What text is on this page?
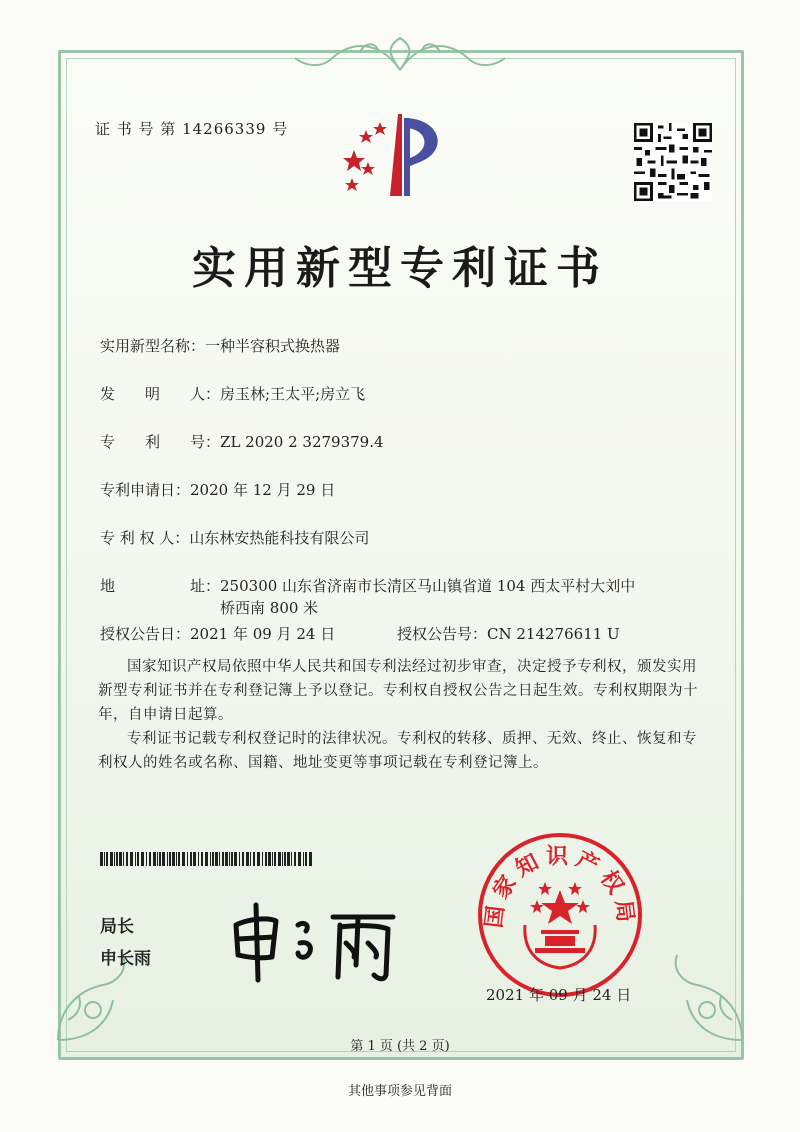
证 书 号 第 14266339 号
实用新型专利证书
实用新型名称：一种半容积式换热器
发　　明　　人：房玉林;王太平;房立飞
专　　利　　号：ZL 2020 2 3279379.4
专利申请日：2020 年 12 月 29 日
专 利 权 人：山东林安热能科技有限公司
地　　　　　址：250300 山东省济南市长清区马山镇省道 104 西太平村大刘中桥西南 800 米
授权公告日：2021 年 09 月 24 日	授权公告号：CN 214276611 U
国家知识产权局依照中华人民共和国专利法经过初步审查，决定授予专利权，颁发实用新型专利证书并在专利登记簿上予以登记。专利权自授权公告之日起生效。专利权期限为十年，自申请日起算。
专利证书记载专利权登记时的法律状况。专利权的转移、质押、无效、终止、恢复和专利权人的姓名或名称、国籍、地址变更等事项记载在专利登记簿上。
局长
申长雨
国家知识产权局
2021 年 09 月 24 日
第 1 页 (共 2 页)
其他事项参见背面
